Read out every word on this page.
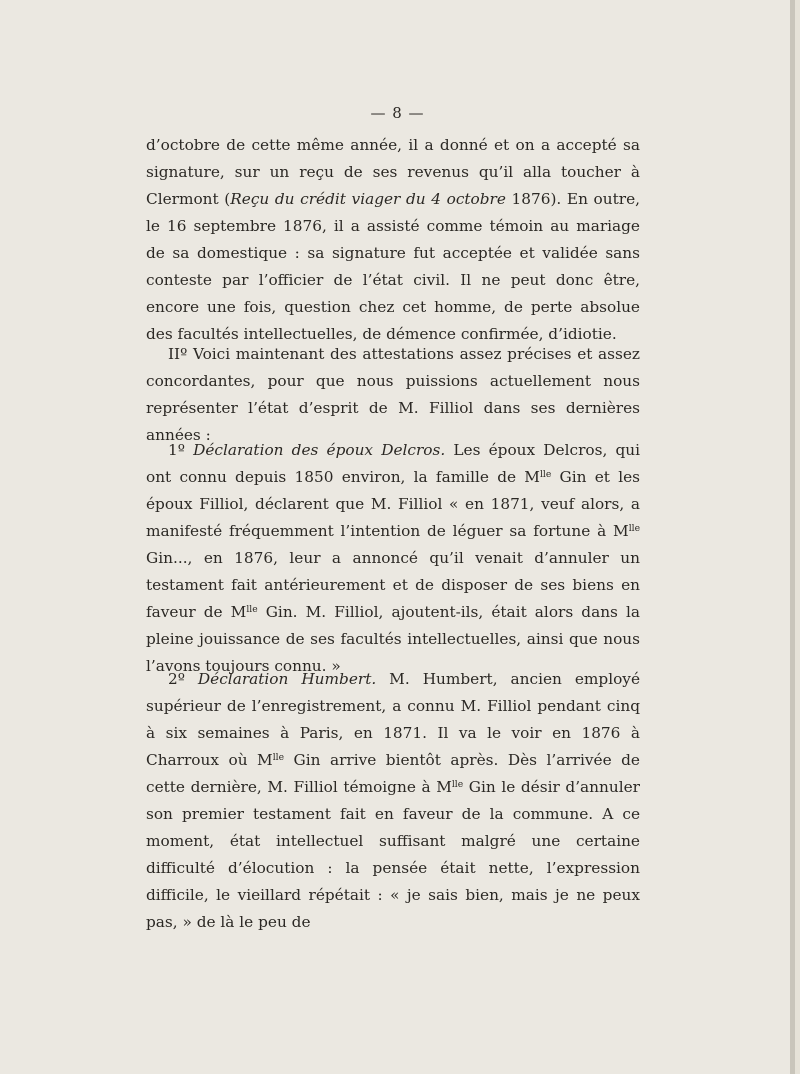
— 8 —

d’octobre de cette même année, il a donné et on a accepté sa signature, sur un reçu de ses revenus qu’il alla toucher à Clermont (Reçu du crédit viager du 4 octobre 1876). En outre, le 16 septembre 1876, il a assisté comme témoin au mariage de sa domestique : sa signature fut acceptée et validée sans conteste par l’officier de l’état civil. Il ne peut donc être, encore une fois, question chez cet homme, de perte absolue des facultés intellectuelles, de démence confirmée, d’idiotie.

IIº Voici maintenant des attestations assez précises et assez concordantes, pour que nous puissions actuellement nous représenter l’état d’esprit de M. Filliol dans ses dernières années :

1º Déclaration des époux Delcros. Les époux Delcros, qui ont connu depuis 1850 environ, la famille de $M^{lle}$ Gin et les époux Filliol, déclarent que M. Filliol « en 1871, veuf alors, a manifesté fréquemment l’intention de léguer sa fortune à $M^{lle}$ Gin..., en 1876, leur a annoncé qu’il venait d’annuler un testament fait antérieurement et de disposer de ses biens en faveur de $M^{lle}$ Gin. M. Filliol, ajoutent-ils, était alors dans la pleine jouissance de ses facultés intellectuelles, ainsi que nous l’avons toujours connu. »

2º Déclaration Humbert. M. Humbert, ancien employé supérieur de l’enregistrement, a connu M. Filliol pendant cinq à six semaines à Paris, en 1871. Il va le voir en 1876 à Charroux où $M^{lle}$ Gin arrive bientôt après. Dès l’arrivée de cette dernière, M. Filliol témoigne à $M^{lle}$ Gin le désir d’annuler son premier testament fait en faveur de la commune. A ce moment, état intellectuel suffisant malgré une certaine difficulté d’élocution : la pensée était nette, l’expression difficile, le vieillard répétait : « je sais bien, mais je ne peux pas, » de là le peu de
